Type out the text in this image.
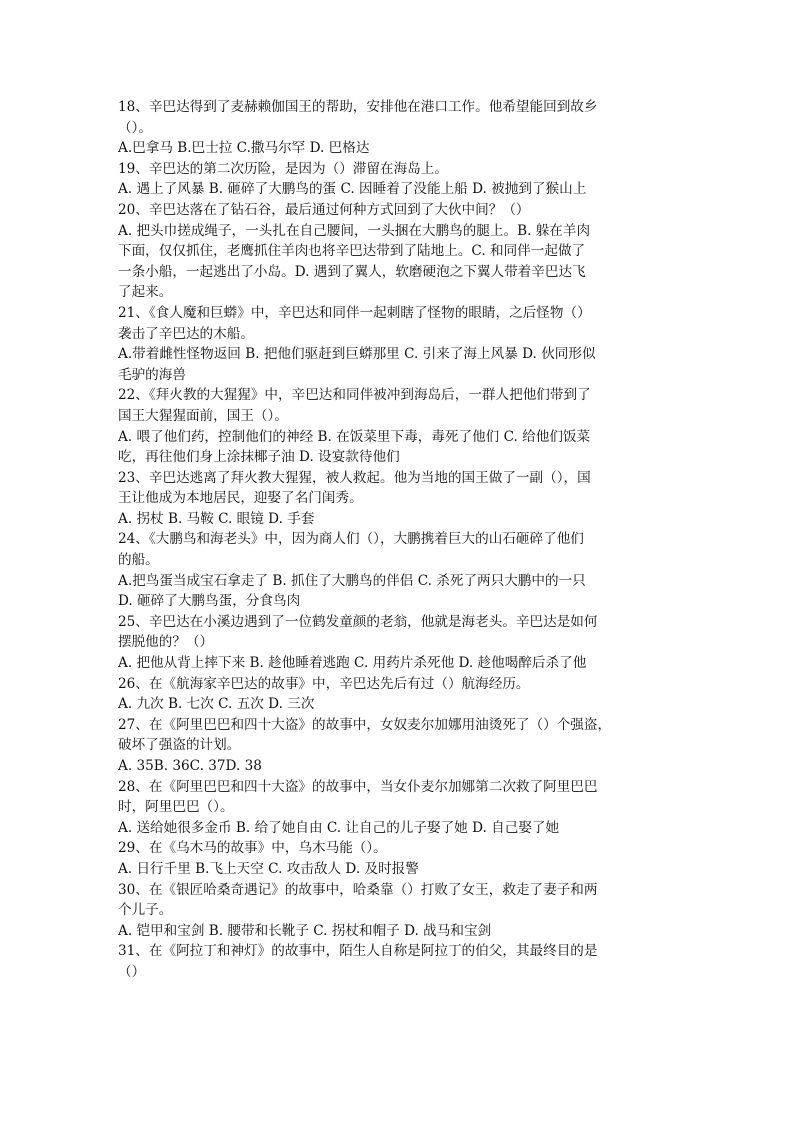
18、辛巴达得到了麦赫赖伽国王的帮助，安排他在港口工作。他希望能回到故乡
（）。
A.巴拿马 B.巴士拉 C.撒马尔罕 D. 巴格达
19、辛巴达的第二次历险，是因为（）滞留在海岛上。
A. 遇上了风暴 B. 砸碎了大鹏鸟的蛋 C. 因睡着了没能上船 D. 被抛到了猴山上
20、辛巴达落在了钻石谷，最后通过何种方式回到了大伙中间？（）
A. 把头巾搓成绳子，一头扎在自己腰间，一头捆在大鹏鸟的腿上。B. 躲在羊肉
下面，仅仅抓住，老鹰抓住羊肉也将辛巴达带到了陆地上。C. 和同伴一起做了
一条小船，一起逃出了小岛。D. 遇到了翼人，软磨硬泡之下翼人带着辛巴达飞
了起来。
21、《食人魔和巨蟒》中，辛巴达和同伴一起刺瞎了怪物的眼睛，之后怪物（）
袭击了辛巴达的木船。
A.带着雌性怪物返回 B. 把他们驱赶到巨蟒那里 C. 引来了海上风暴 D. 伙同形似
毛驴的海兽
22、《拜火教的大猩猩》中，辛巴达和同伴被冲到海岛后，一群人把他们带到了
国王大猩猩面前，国王（）。
A. 喂了他们药，控制他们的神经 B. 在饭菜里下毒，毒死了他们 C. 给他们饭菜
吃，再往他们身上涂抹椰子油 D. 设宴款待他们
23、辛巴达逃离了拜火教大猩猩，被人救起。他为当地的国王做了一副（），国
王让他成为本地居民，迎娶了名门闺秀。
A. 拐杖 B. 马鞍 C. 眼镜 D. 手套
24、《大鹏鸟和海老头》中，因为商人们（），大鹏携着巨大的山石砸碎了他们
的船。
A.把鸟蛋当成宝石拿走了 B. 抓住了大鹏鸟的伴侣 C. 杀死了两只大鹏中的一只
D. 砸碎了大鹏鸟蛋，分食鸟肉
25、辛巴达在小溪边遇到了一位鹤发童颜的老翁，他就是海老头。辛巴达是如何
摆脱他的？（）
A. 把他从背上摔下来 B. 趁他睡着逃跑 C. 用药片杀死他 D. 趁他喝醉后杀了他
26、在《航海家辛巴达的故事》中，辛巴达先后有过（）航海经历。
A. 九次 B. 七次 C. 五次 D. 三次
27、在《阿里巴巴和四十大盗》的故事中，女奴麦尔加娜用油烫死了（）个强盗，
破坏了强盗的计划。
A. 35B. 36C. 37D. 38
28、在《阿里巴巴和四十大盗》的故事中，当女仆麦尔加娜第二次救了阿里巴巴
时，阿里巴巴（）。
A. 送给她很多金币 B. 给了她自由 C. 让自己的儿子娶了她 D. 自己娶了她
29、在《乌木马的故事》中，乌木马能（）。
A. 日行千里 B.飞上天空 C. 攻击敌人 D. 及时报警
30、在《银匠哈桑奇遇记》的故事中，哈桑靠（）打败了女王，救走了妻子和两
个儿子。
A. 铠甲和宝剑 B. 腰带和长靴子 C. 拐杖和帽子 D. 战马和宝剑
31、在《阿拉丁和神灯》的故事中，陌生人自称是阿拉丁的伯父，其最终目的是
（）
